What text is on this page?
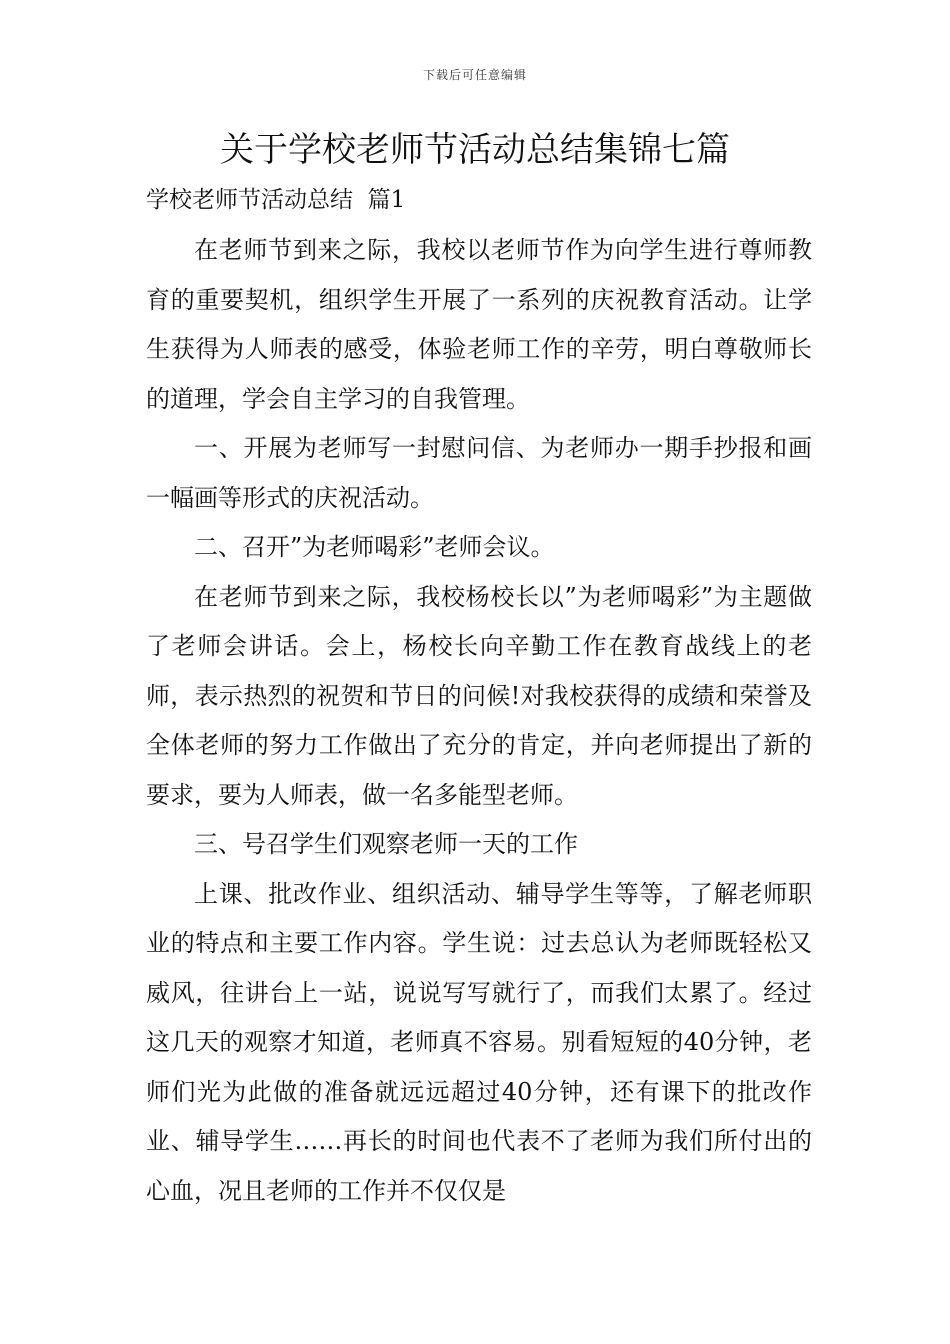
下载后可任意编辑
关于学校老师节活动总结集锦七篇
学校老师节活动总结  篇1

在老师节到来之际，我校以老师节作为向学生进行尊师教育的重要契机，组织学生开展了一系列的庆祝教育活动。让学生获得为人师表的感受，体验老师工作的辛劳，明白尊敬师长的道理，学会自主学习的自我管理。

一、开展为老师写一封慰问信、为老师办一期手抄报和画一幅画等形式的庆祝活动。

二、召开”为老师喝彩”老师会议。

在老师节到来之际，我校杨校长以”为老师喝彩”为主题做了老师会讲话。会上，杨校长向辛勤工作在教育战线上的老师，表示热烈的祝贺和节日的问候!对我校获得的成绩和荣誉及全体老师的努力工作做出了充分的肯定，并向老师提出了新的要求，要为人师表，做一名多能型老师。

三、号召学生们观察老师一天的工作

上课、批改作业、组织活动、辅导学生等等，了解老师职业的特点和主要工作内容。学生说：过去总认为老师既轻松又威风，往讲台上一站，说说写写就行了，而我们太累了。经过这几天的观察才知道，老师真不容易。别看短短的40分钟，老师们光为此做的准备就远远超过40分钟，还有课下的批改作业、辅导学生……再长的时间也代表不了老师为我们所付出的心血，况且老师的工作并不仅仅是
